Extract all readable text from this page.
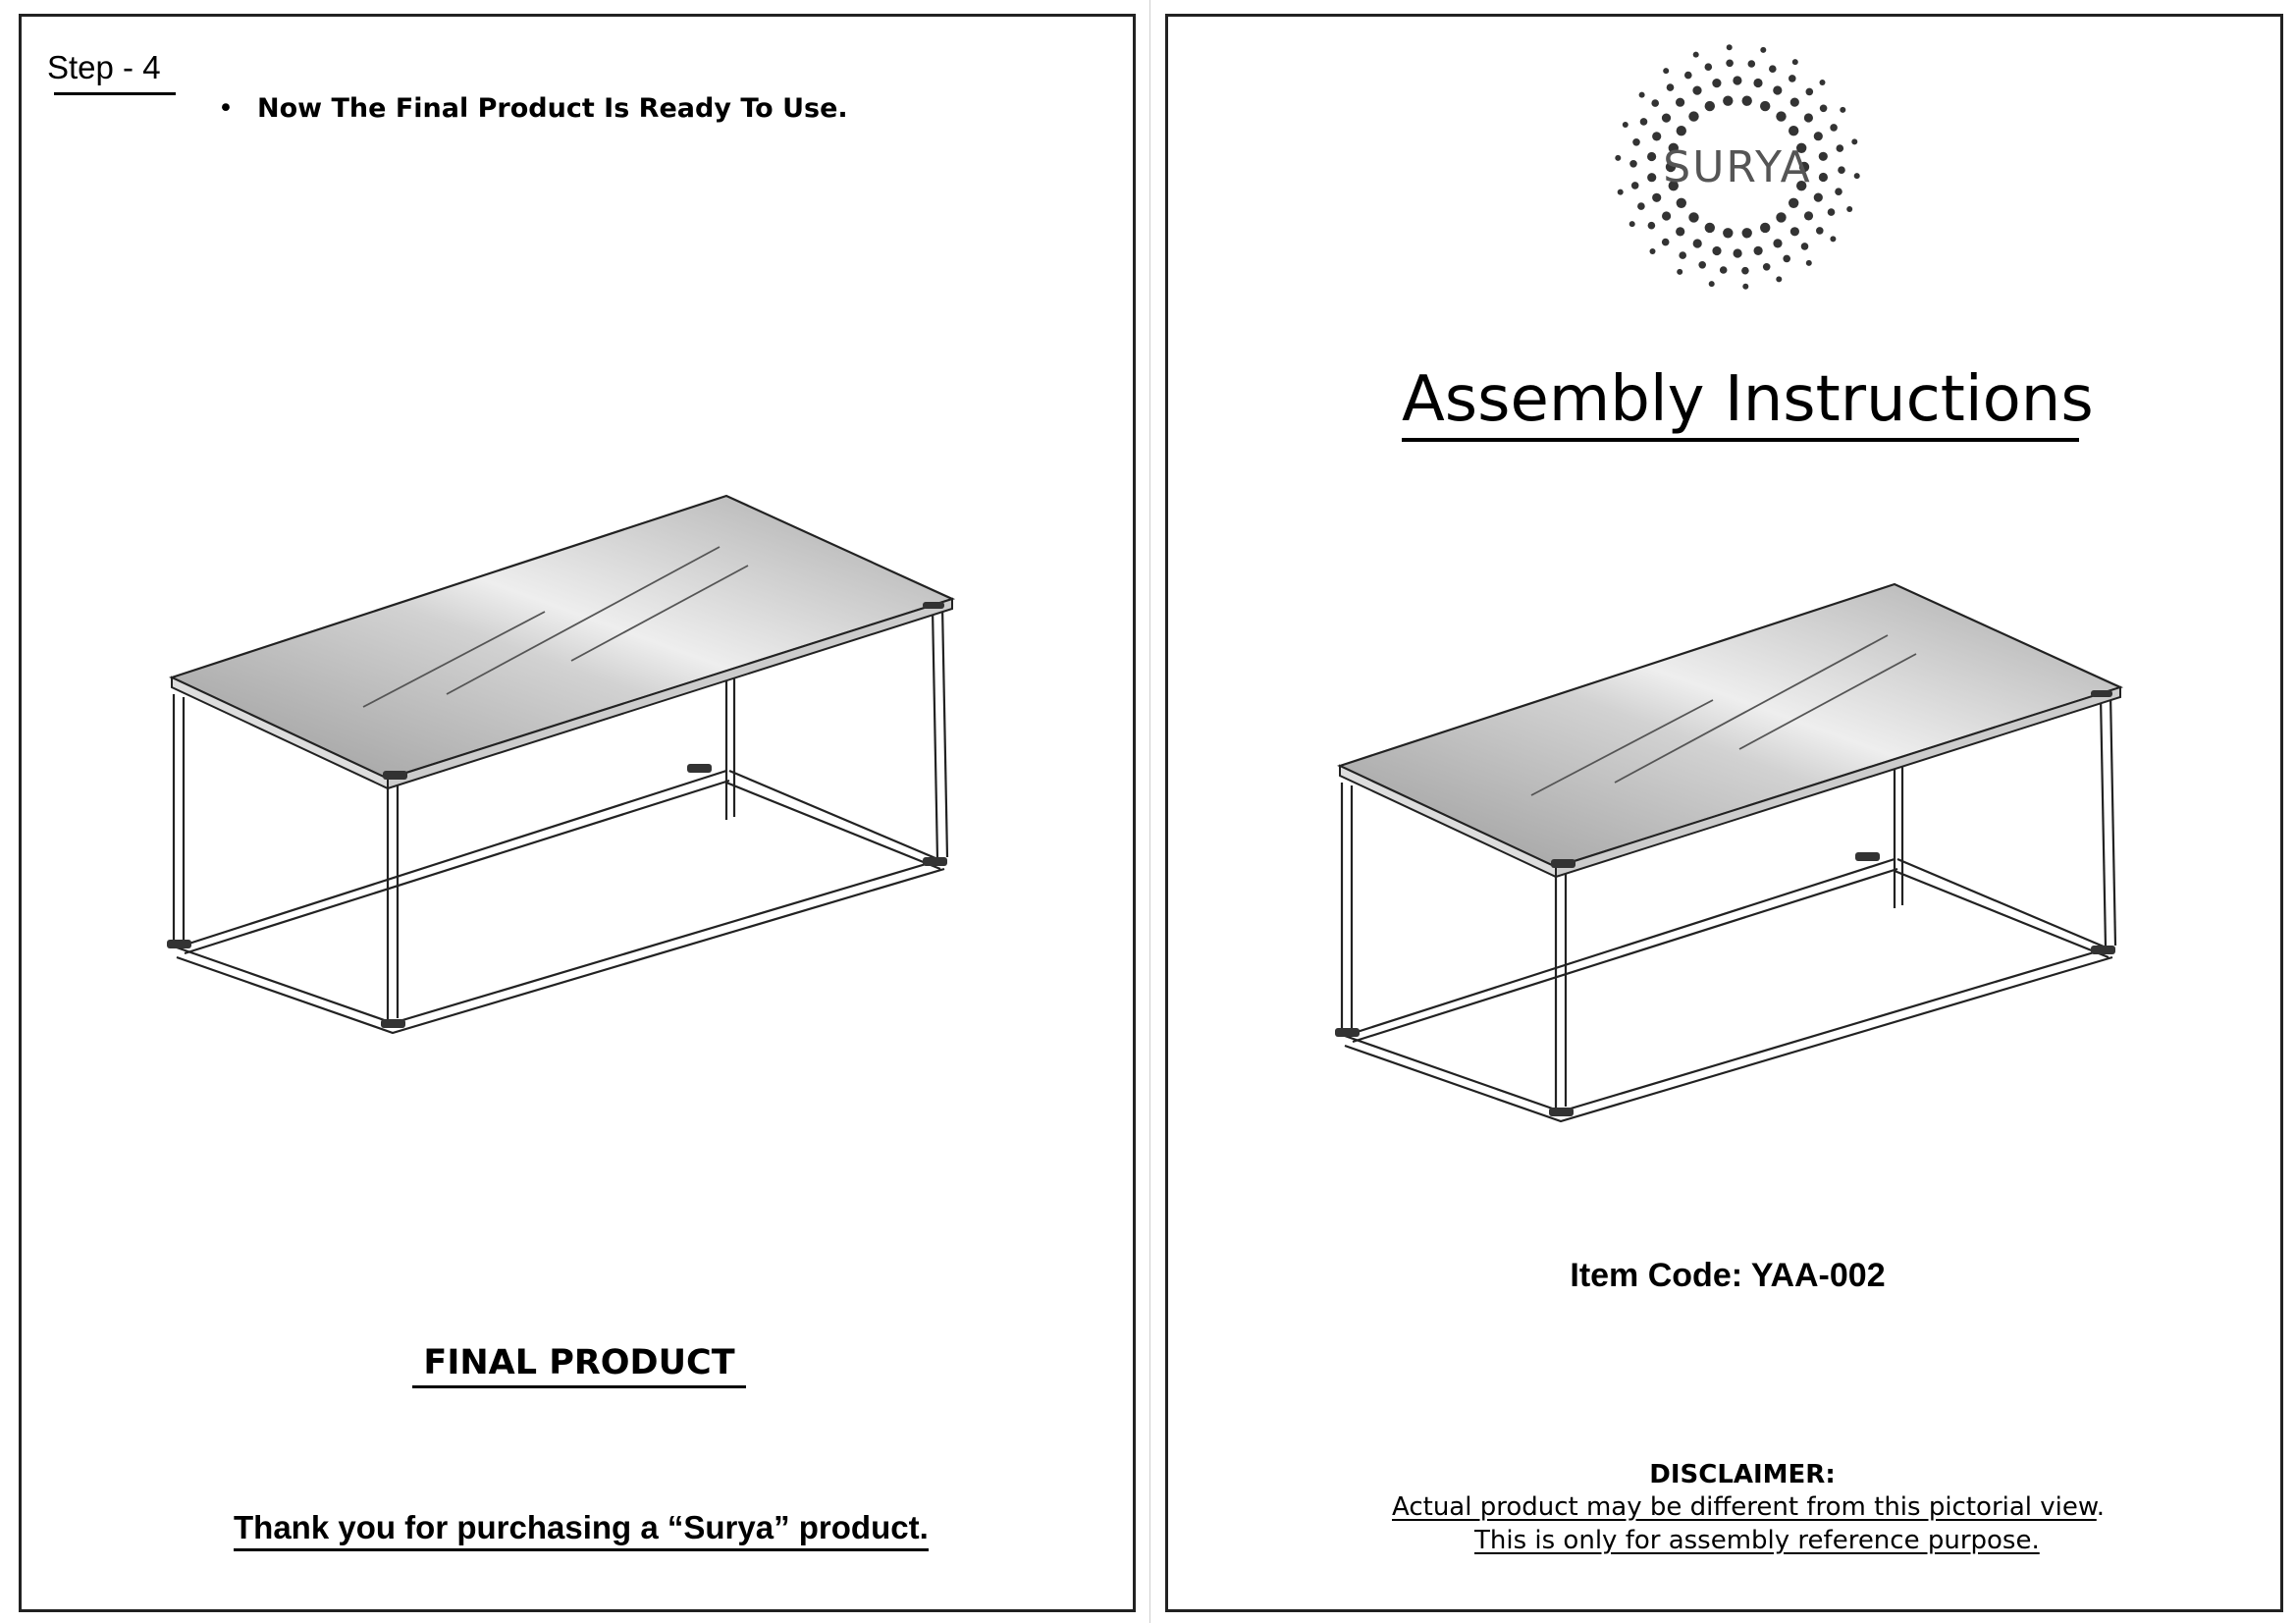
Step - 4
• Now The Final Product Is Ready To Use.
FINAL PRODUCT
Thank you for purchasing a “Surya” product.
SURYA
Assembly Instructions
Item Code: YAA-002
DISCLAIMER:
Actual product may be different from this pictorial view.
This is only for assembly reference purpose.
